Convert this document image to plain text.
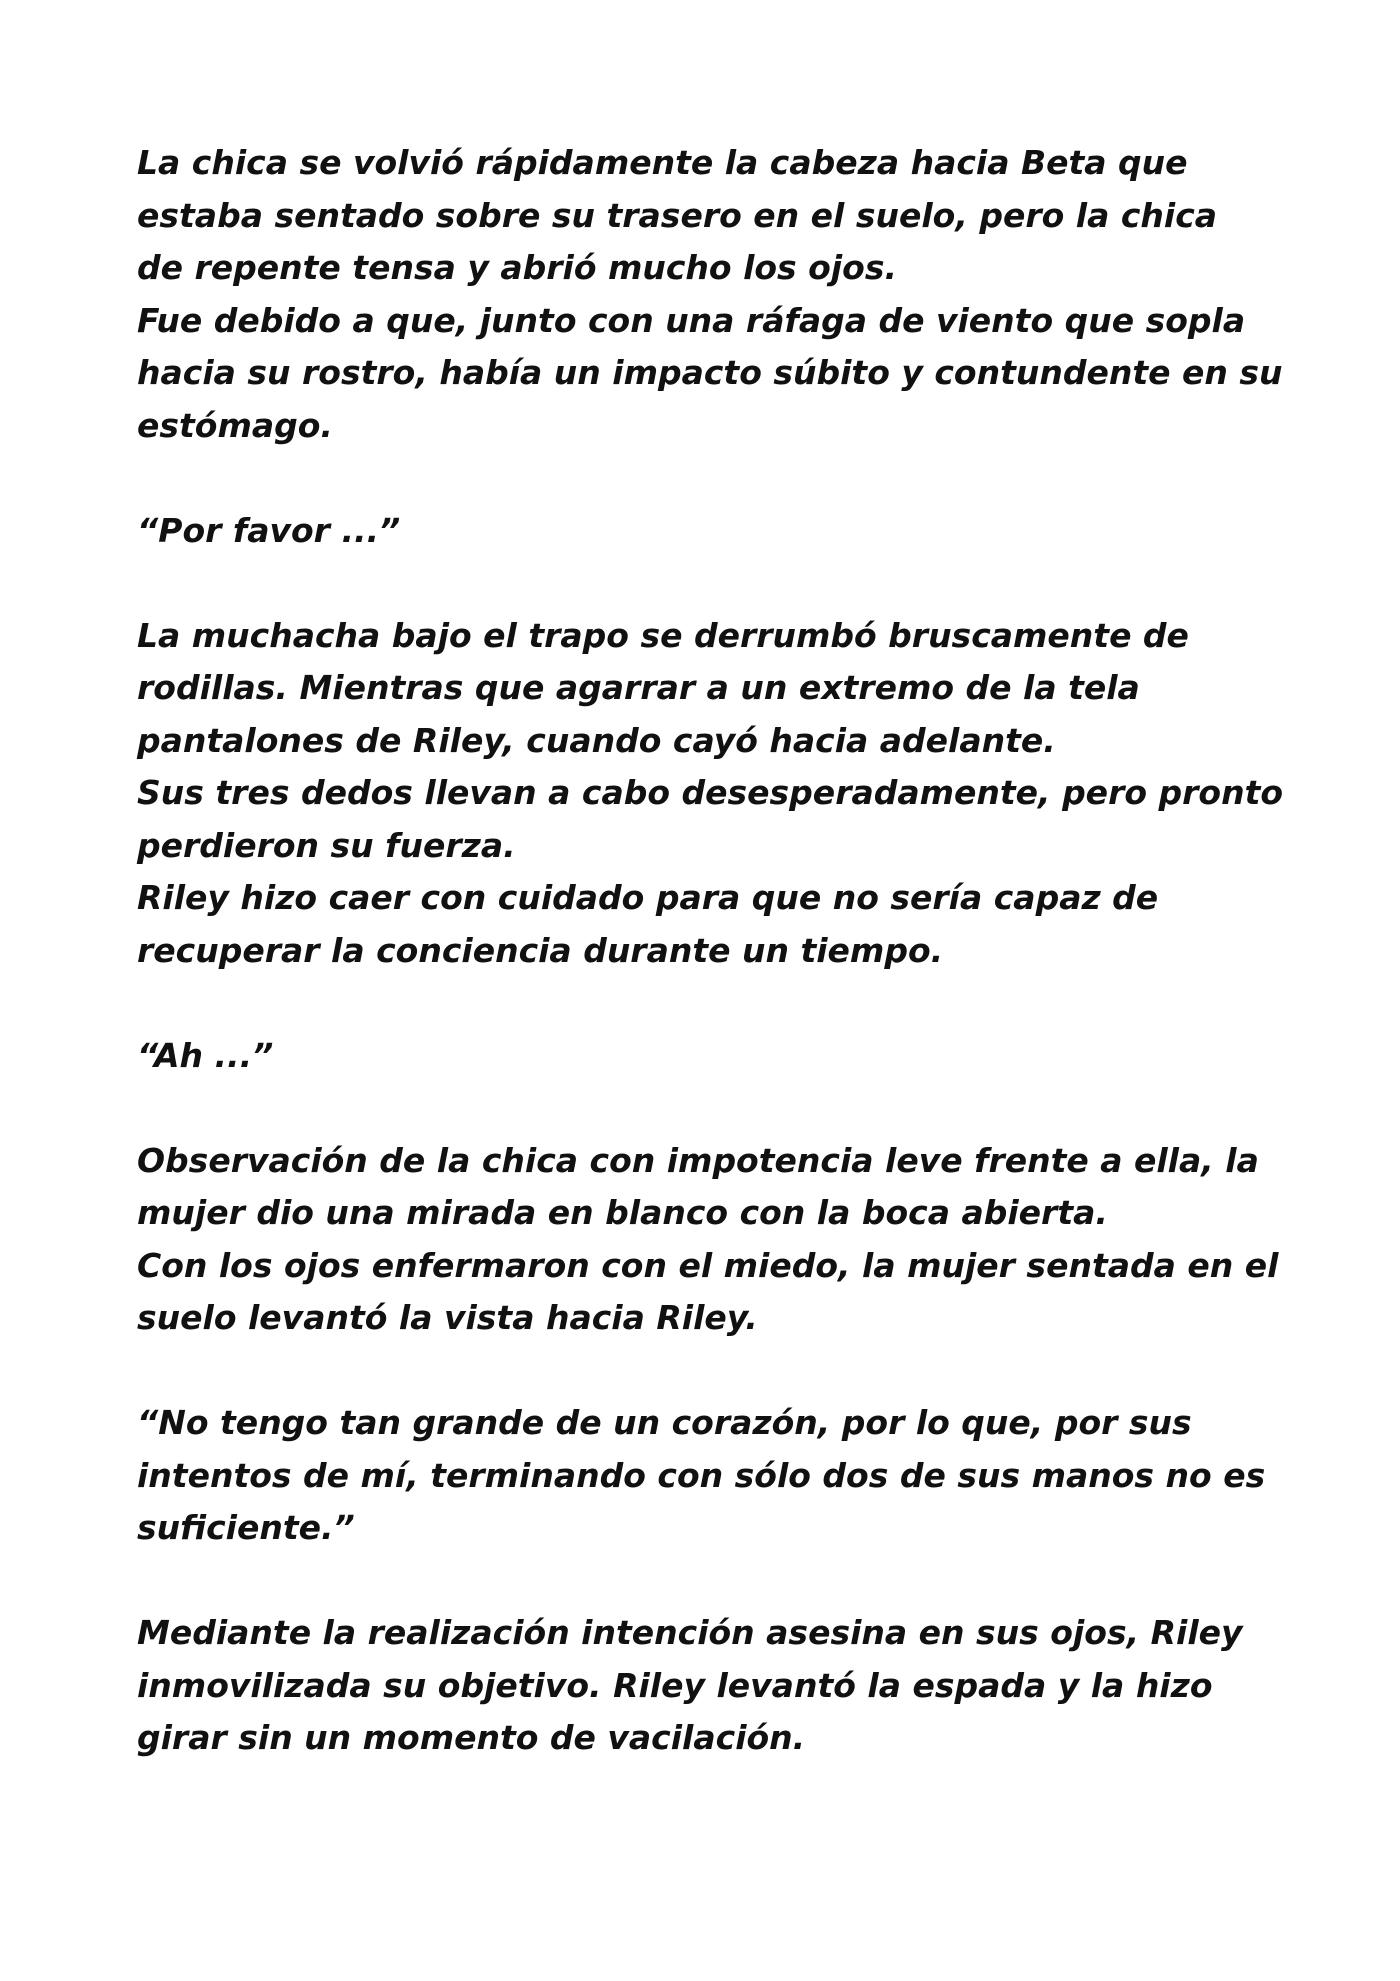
La chica se volvió rápidamente la cabeza hacia Beta que
estaba sentado sobre su trasero en el suelo, pero la chica
de repente tensa y abrió mucho los ojos.
Fue debido a que, junto con una ráfaga de viento que sopla
hacia su rostro, había un impacto súbito y contundente en su
estómago.

“Por favor ...”

La muchacha bajo el trapo se derrumbó bruscamente de
rodillas. Mientras que agarrar a un extremo de la tela
pantalones de Riley, cuando cayó hacia adelante.
Sus tres dedos llevan a cabo desesperadamente, pero pronto
perdieron su fuerza.
Riley hizo caer con cuidado para que no sería capaz de
recuperar la conciencia durante un tiempo.

“Ah ...”

Observación de la chica con impotencia leve frente a ella, la
mujer dio una mirada en blanco con la boca abierta.
Con los ojos enfermaron con el miedo, la mujer sentada en el
suelo levantó la vista hacia Riley.

“No tengo tan grande de un corazón, por lo que, por sus
intentos de mí, terminando con sólo dos de sus manos no es
suficiente.”

Mediante la realización intención asesina en sus ojos, Riley
inmovilizada su objetivo. Riley levantó la espada y la hizo
girar sin un momento de vacilación.
